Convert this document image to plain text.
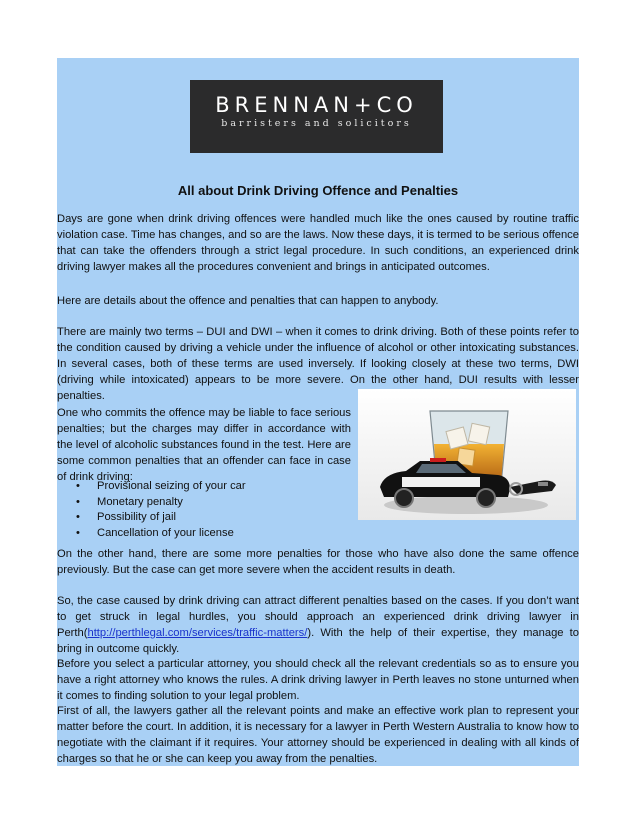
BRENNAN+CO
barristers and solicitors
All about Drink Driving Offence and Penalties

Days are gone when drink driving offences were handled much like the ones caused by routine traffic violation case. Time has changes, and so are the laws. Now these days, it is termed to be serious offence that can take the offenders through a strict legal procedure. In such conditions, an experienced drink driving lawyer makes all the procedures convenient and brings in anticipated outcomes.

Here are details about the offence and penalties that can happen to anybody.

There are mainly two terms – DUI and DWI – when it comes to drink driving. Both of these points refer to the condition caused by driving a vehicle under the influence of alcohol or other intoxicating substances. In several cases, both of these terms are used inversely. If looking closely at these two terms, DWI (driving while intoxicated) appears to be more severe. On the other hand, DUI results with lesser penalties.

One who commits the offence may be liable to face serious penalties; but the charges may differ in accordance with the level of alcoholic substances found in the test. Here are some common penalties that an offender can face in case of drink driving:

• Provisional seizing of your car
• Monetary penalty
• Possibility of jail
• Cancellation of your license

On the other hand, there are some more penalties for those who have also done the same offence previously. But the case can get more severe when the accident results in death.

So, the case caused by drink driving can attract different penalties based on the cases. If you don’t want to get struck in legal hurdles, you should approach an experienced drink driving lawyer in Perth(http://perthlegal.com/services/traffic-matters/). With the help of their expertise, they manage to bring in outcome quickly.

Before you select a particular attorney, you should check all the relevant credentials so as to ensure you have a right attorney who knows the rules. A drink driving lawyer in Perth leaves no stone unturned when it comes to finding solution to your legal problem.

First of all, the lawyers gather all the relevant points and make an effective work plan to represent your matter before the court. In addition, it is necessary for a lawyer in Perth Western Australia to know how to negotiate with the claimant if it requires. Your attorney should be experienced in dealing with all kinds of charges so that he or she can keep you away from the penalties.
